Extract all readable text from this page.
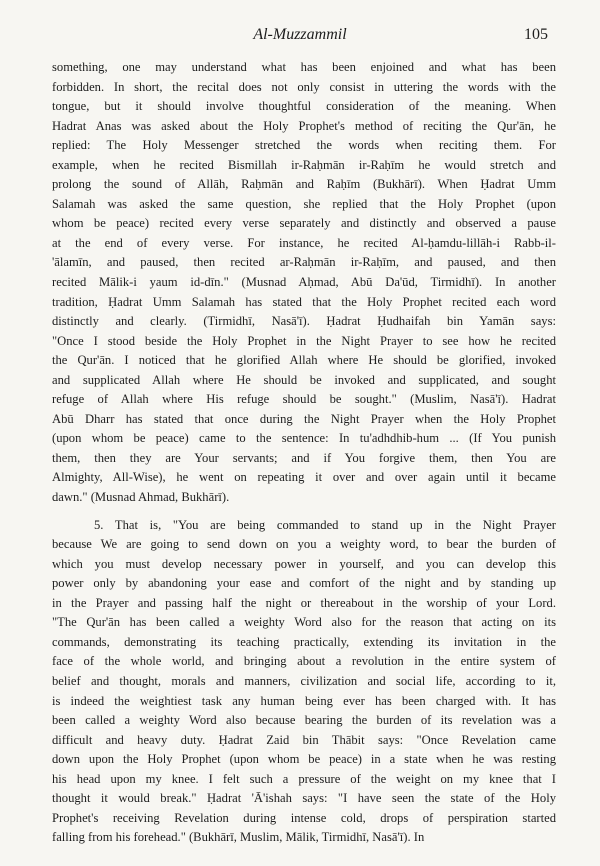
Al-Muzzammil	105
something, one may understand what has been enjoined and what has been
forbidden. In short, the recital does not only consist in uttering the words with the
tongue, but it should involve thoughtful consideration of the meaning. When
Hadrat Anas was asked about the Holy Prophet's method of reciting the Qur'ān, he
replied: The Holy Messenger stretched the words when reciting them. For
example, when he recited Bismillah ir-Raḥmān ir-Raḥīm he would stretch and
prolong the sound of Allāh, Raḥmān and Raḥīm (Bukhārī). When Ḥadrat Umm
Salamah was asked the same question, she replied that the Holy Prophet (upon
whom be peace) recited every verse separately and distinctly and observed a pause
at the end of every verse. For instance, he recited Al-ḥamdu-lillāh-i Rabb-il-
'ālamīn, and paused, then recited ar-Raḥmān ir-Raḥīm, and paused, and then
recited Mālik-i yaum id-dīn." (Musnad Aḥmad, Abū Da'ūd, Tirmidhī). In another
tradition, Ḥadrat Umm Salamah has stated that the Holy Prophet recited each word
distinctly and clearly. (Tirmidhī, Nasā'ī). Ḥadrat Ḥudhaifah bin Yamān says:
"Once I stood beside the Holy Prophet in the Night Prayer to see how he recited
the Qur'ān. I noticed that he glorified Allah where He should be glorified, invoked
and supplicated Allah where He should be invoked and supplicated, and sought
refuge of Allah where His refuge should be sought." (Muslim, Nasā'ī). Hadrat
Abū Dharr has stated that once during the Night Prayer when the Holy Prophet
(upon whom be peace) came to the sentence: In tu'adhdhib-hum ... (If You punish
them, then they are Your servants; and if You forgive them, then You are
Almighty, All-Wise), he went on repeating it over and over again until it became
dawn." (Musnad Ahmad, Bukhārī).
5. That is, "You are being commanded to stand up in the Night Prayer
because We are going to send down on you a weighty word, to bear the burden of
which you must develop necessary power in yourself, and you can develop this
power only by abandoning your ease and comfort of the night and by standing up
in the Prayer and passing half the night or thereabout in the worship of your Lord.
"The Qur'ān has been called a weighty Word also for the reason that acting on its
commands, demonstrating its teaching practically, extending its invitation in the
face of the whole world, and bringing about a revolution in the entire system of
belief and thought, morals and manners, civilization and social life, according to it,
is indeed the weightiest task any human being ever has been charged with. It has
been called a weighty Word also because bearing the burden of its revelation was a
difficult and heavy duty. Ḥadrat Zaid bin Thābit says: "Once Revelation came
down upon the Holy Prophet (upon whom be peace) in a state when he was resting
his head upon my knee. I felt such a pressure of the weight on my knee that I
thought it would break." Ḥadrat 'Ā'ishah says: "I have seen the state of the Holy
Prophet's receiving Revelation during intense cold, drops of perspiration started
falling from his forehead." (Bukhārī, Muslim, Mālik, Tirmidhī, Nasā'ī). In
